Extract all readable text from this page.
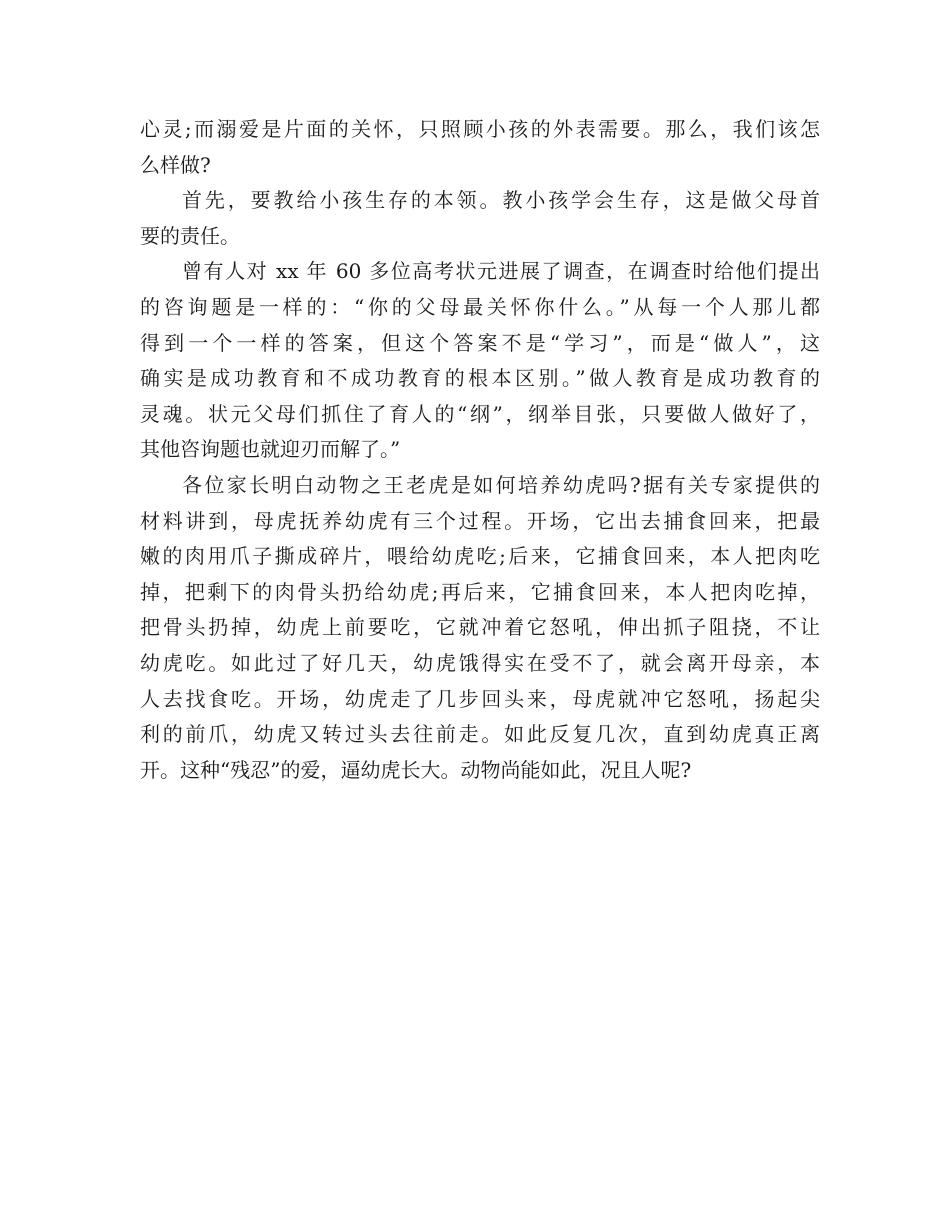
心灵;而溺爱是片面的关怀，只照顾小孩的外表需要。那么，我们该怎
么样做?
首先，要教给小孩生存的本领。教小孩学会生存，这是做父母首
要的责任。
曾有人对 xx 年 60 多位高考状元进展了调查，在调查时给他们提出
的咨询题是一样的：“你的父母最关怀你什么。”从每一个人那儿都
得到一个一样的答案，但这个答案不是“学习”，而是“做人”，这
确实是成功教育和不成功教育的根本区别。”做人教育是成功教育的
灵魂。状元父母们抓住了育人的“纲”，纲举目张，只要做人做好了，
其他咨询题也就迎刃而解了。”
各位家长明白动物之王老虎是如何培养幼虎吗?据有关专家提供的
材料讲到，母虎抚养幼虎有三个过程。开场，它出去捕食回来，把最
嫩的肉用爪子撕成碎片，喂给幼虎吃;后来，它捕食回来，本人把肉吃
掉，把剩下的肉骨头扔给幼虎;再后来，它捕食回来，本人把肉吃掉，
把骨头扔掉，幼虎上前要吃，它就冲着它怒吼，伸出抓子阻挠，不让
幼虎吃。如此过了好几天，幼虎饿得实在受不了，就会离开母亲，本
人去找食吃。开场，幼虎走了几步回头来，母虎就冲它怒吼，扬起尖
利的前爪，幼虎又转过头去往前走。如此反复几次，直到幼虎真正离
开。这种“残忍”的爱，逼幼虎长大。动物尚能如此，况且人呢?
